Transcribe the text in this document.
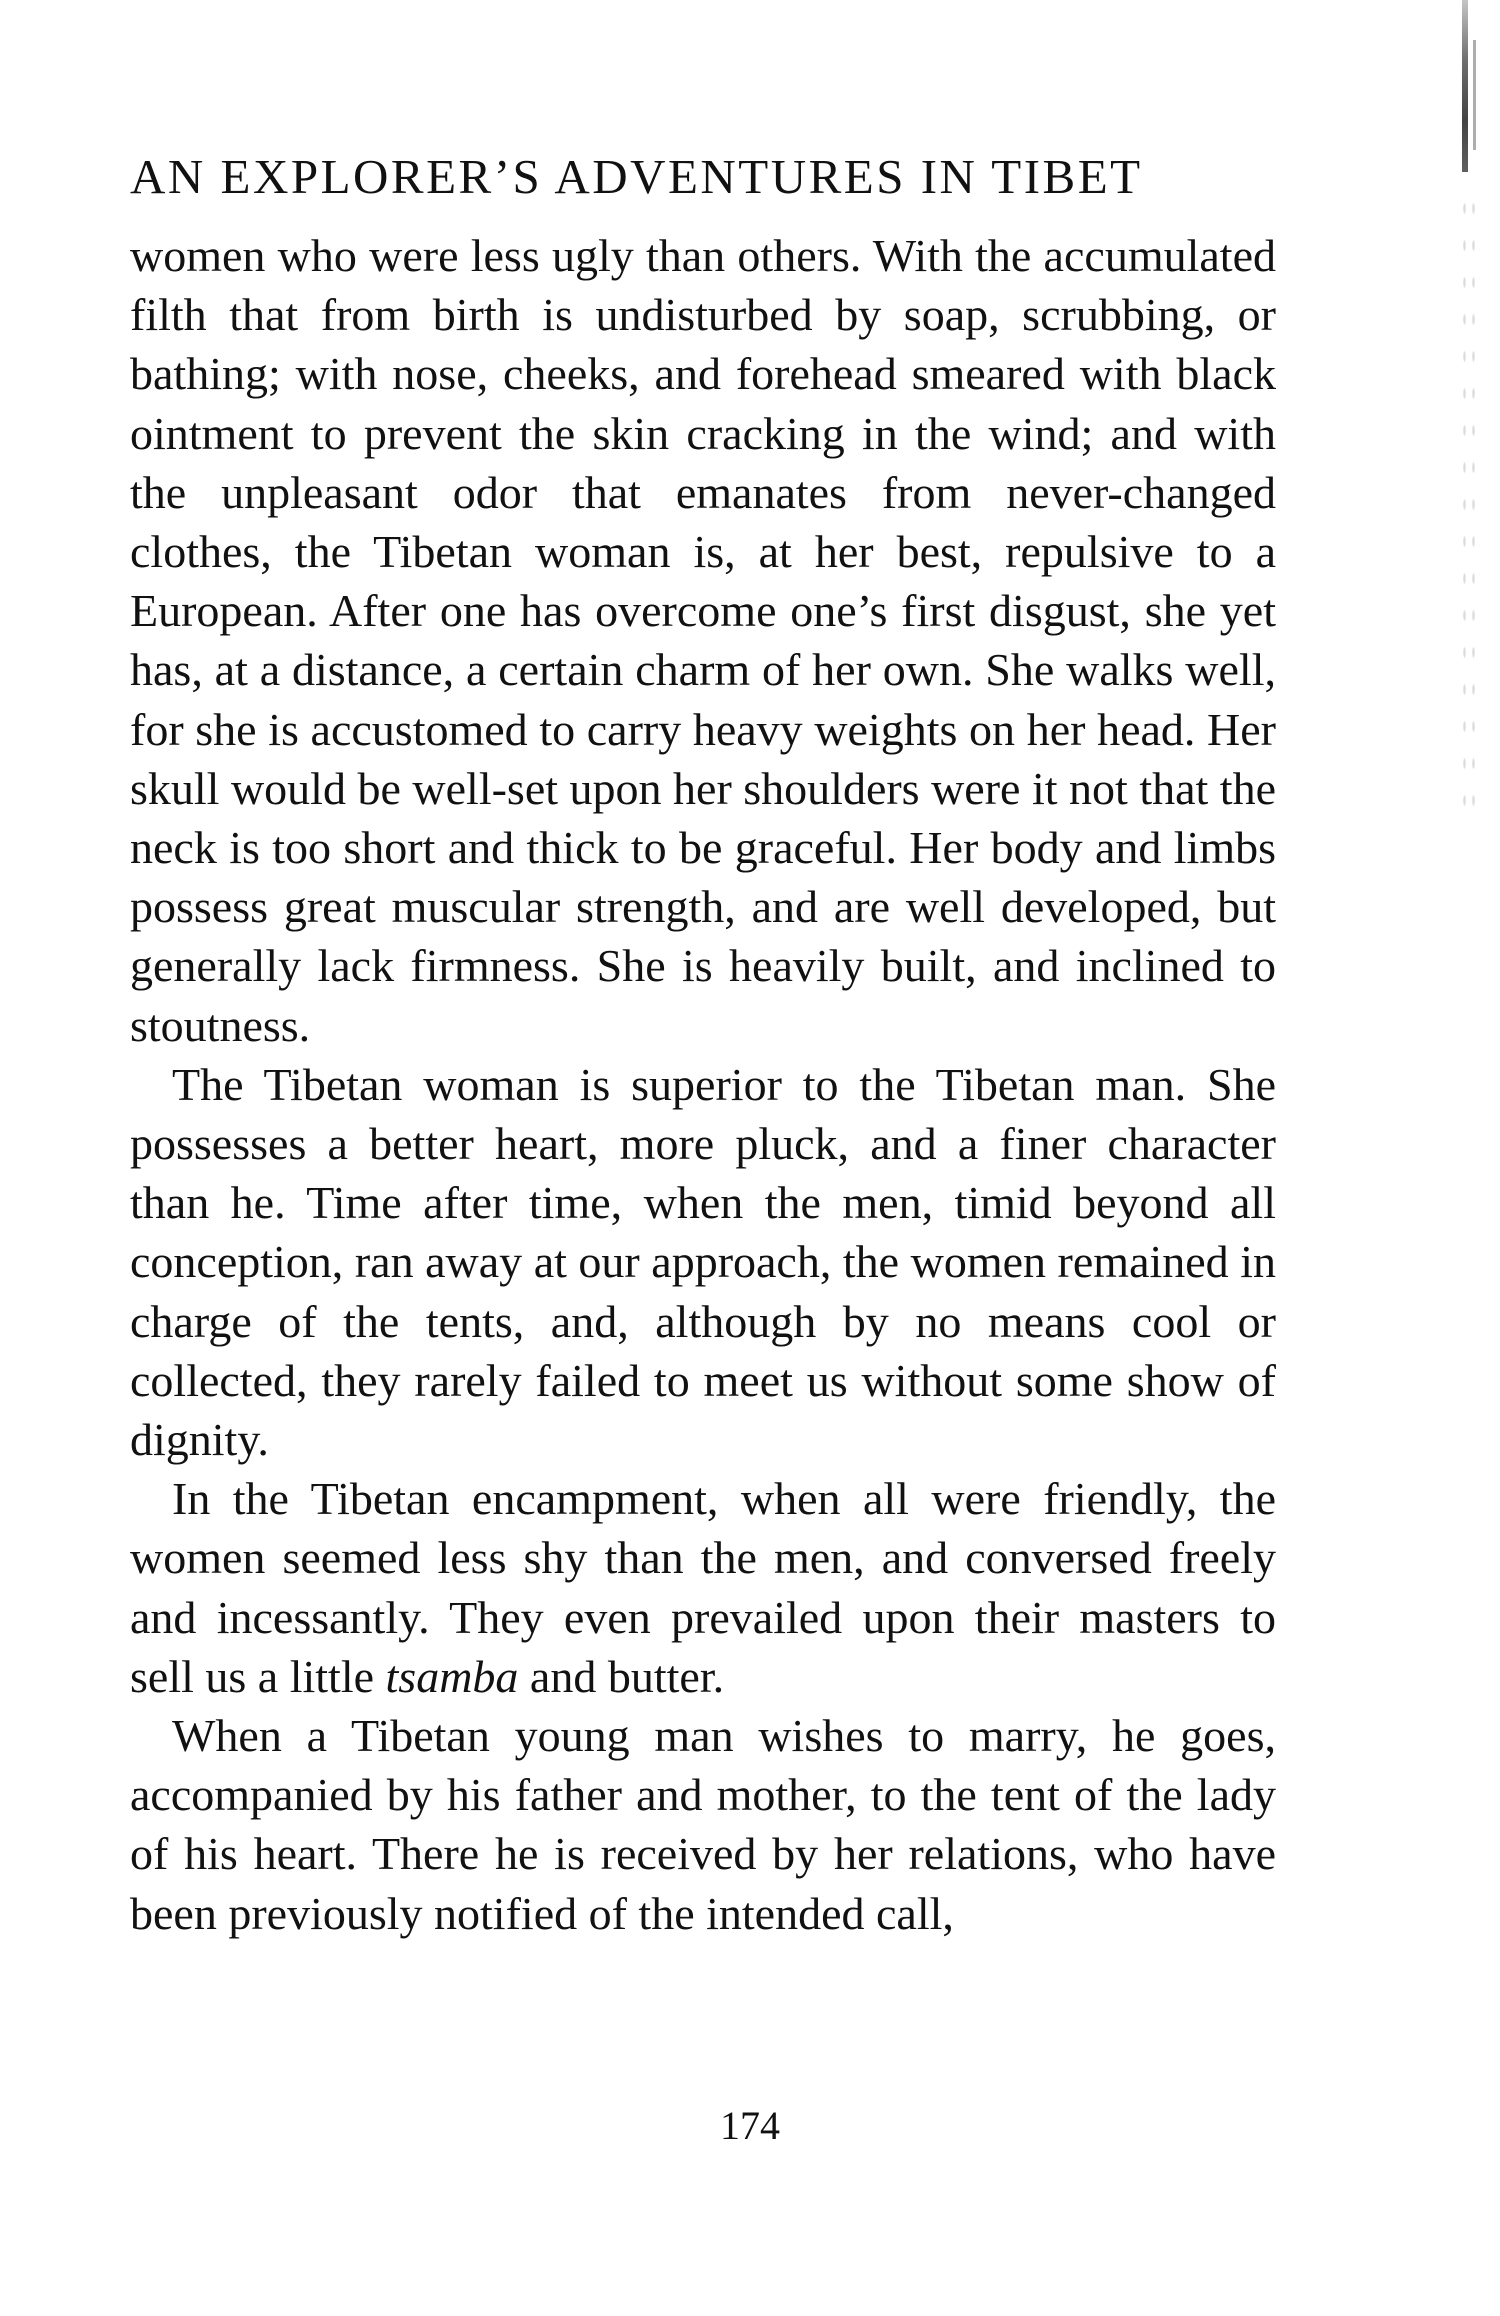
AN EXPLORER’S ADVENTURES IN TIBET

women who were less ugly than others. With the accumulated filth that from birth is undisturbed by soap, scrubbing, or bathing; with nose, cheeks, and forehead smeared with black ointment to prevent the skin cracking in the wind; and with the unpleasant odor that emanates from never-changed clothes, the Tibetan woman is, at her best, repulsive to a European. After one has overcome one’s first disgust, she yet has, at a distance, a certain charm of her own. She walks well, for she is accustomed to carry heavy weights on her head. Her skull would be well-set upon her shoulders were it not that the neck is too short and thick to be graceful. Her body and limbs possess great muscular strength, and are well developed, but generally lack firmness. She is heavily built, and inclined to stoutness.

The Tibetan woman is superior to the Tibetan man. She possesses a better heart, more pluck, and a finer character than he. Time after time, when the men, timid beyond all conception, ran away at our approach, the women remained in charge of the tents, and, although by no means cool or collected, they rarely failed to meet us without some show of dignity.

In the Tibetan encampment, when all were friendly, the women seemed less shy than the men, and conversed freely and incessantly. They even prevailed upon their masters to sell us a little tsamba and butter.

When a Tibetan young man wishes to marry, he goes, accompanied by his father and mother, to the tent of the lady of his heart. There he is received by her relations, who have been previously notified of the intended call,

174
